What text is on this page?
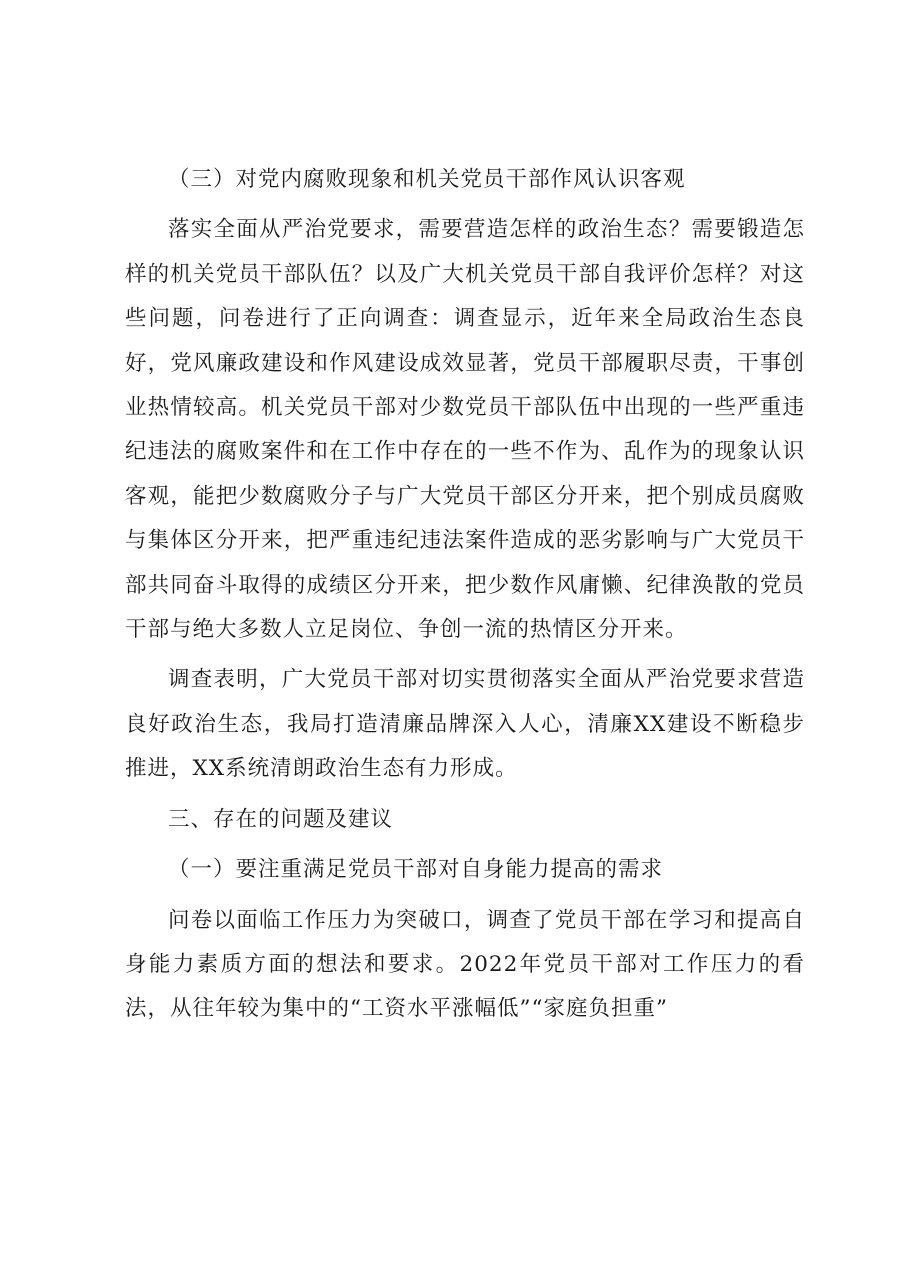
（三）对党内腐败现象和机关党员干部作风认识客观

落实全面从严治党要求，需要营造怎样的政治生态？需要锻造怎样的机关党员干部队伍？以及广大机关党员干部自我评价怎样？对这些问题，问卷进行了正向调查：调查显示，近年来全局政治生态良好，党风廉政建设和作风建设成效显著，党员干部履职尽责，干事创业热情较高。机关党员干部对少数党员干部队伍中出现的一些严重违纪违法的腐败案件和在工作中存在的一些不作为、乱作为的现象认识客观，能把少数腐败分子与广大党员干部区分开来，把个别成员腐败与集体区分开来，把严重违纪违法案件造成的恶劣影响与广大党员干部共同奋斗取得的成绩区分开来，把少数作风庸懒、纪律涣散的党员干部与绝大多数人立足岗位、争创一流的热情区分开来。

调查表明，广大党员干部对切实贯彻落实全面从严治党要求营造良好政治生态，我局打造清廉品牌深入人心，清廉XX建设不断稳步推进，XX系统清朗政治生态有力形成。

三、存在的问题及建议

（一）要注重满足党员干部对自身能力提高的需求

问卷以面临工作压力为突破口，调查了党员干部在学习和提高自身能力素质方面的想法和要求。2022年党员干部对工作压力的看法，从往年较为集中的“工资水平涨幅低”“家庭负担重”
